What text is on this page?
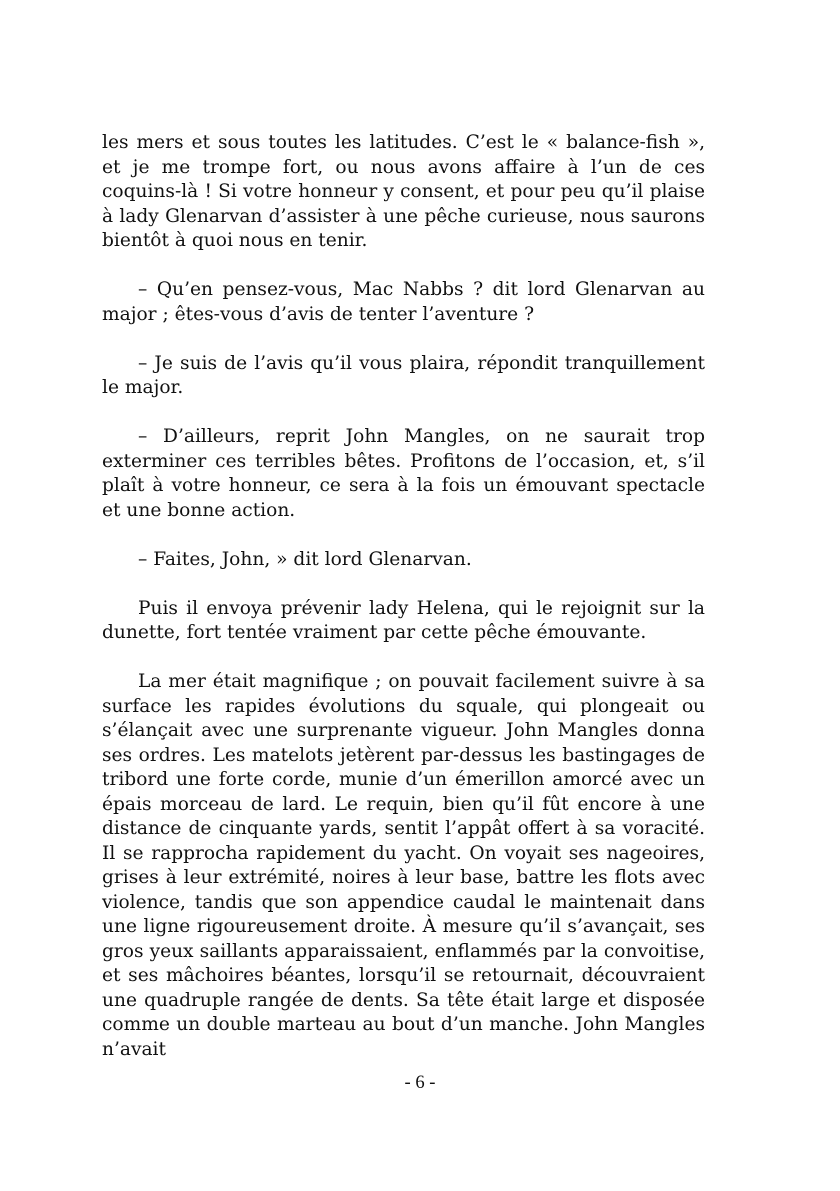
les mers et sous toutes les latitudes. C’est le « balance-fish », et je me trompe fort, ou nous avons affaire à l’un de ces coquins-là ! Si votre honneur y consent, et pour peu qu’il plaise à lady Glenarvan d’assister à une pêche curieuse, nous saurons bientôt à quoi nous en tenir.

– Qu’en pensez-vous, Mac Nabbs ? dit lord Glenarvan au major ; êtes-vous d’avis de tenter l’aventure ?

– Je suis de l’avis qu’il vous plaira, répondit tranquillement le major.

– D’ailleurs, reprit John Mangles, on ne saurait trop exterminer ces terribles bêtes. Profitons de l’occasion, et, s’il plaît à votre honneur, ce sera à la fois un émouvant spectacle et une bonne action.

– Faites, John, » dit lord Glenarvan.

Puis il envoya prévenir lady Helena, qui le rejoignit sur la dunette, fort tentée vraiment par cette pêche émouvante.

La mer était magnifique ; on pouvait facilement suivre à sa surface les rapides évolutions du squale, qui plongeait ou s’élançait avec une surprenante vigueur. John Mangles donna ses ordres. Les matelots jetèrent par-dessus les bastingages de tribord une forte corde, munie d’un émerillon amorcé avec un épais morceau de lard. Le requin, bien qu’il fût encore à une distance de cinquante yards, sentit l’appât offert à sa voracité. Il se rapprocha rapidement du yacht. On voyait ses nageoires, grises à leur extrémité, noires à leur base, battre les flots avec violence, tandis que son appendice caudal le maintenait dans une ligne rigoureusement droite. À mesure qu’il s’avançait, ses gros yeux saillants apparaissaient, enflammés par la convoitise, et ses mâchoires béantes, lorsqu’il se retournait, découvraient une quadruple rangée de dents. Sa tête était large et disposée comme un double marteau au bout d’un manche. John Mangles n’avait

- 6 -
